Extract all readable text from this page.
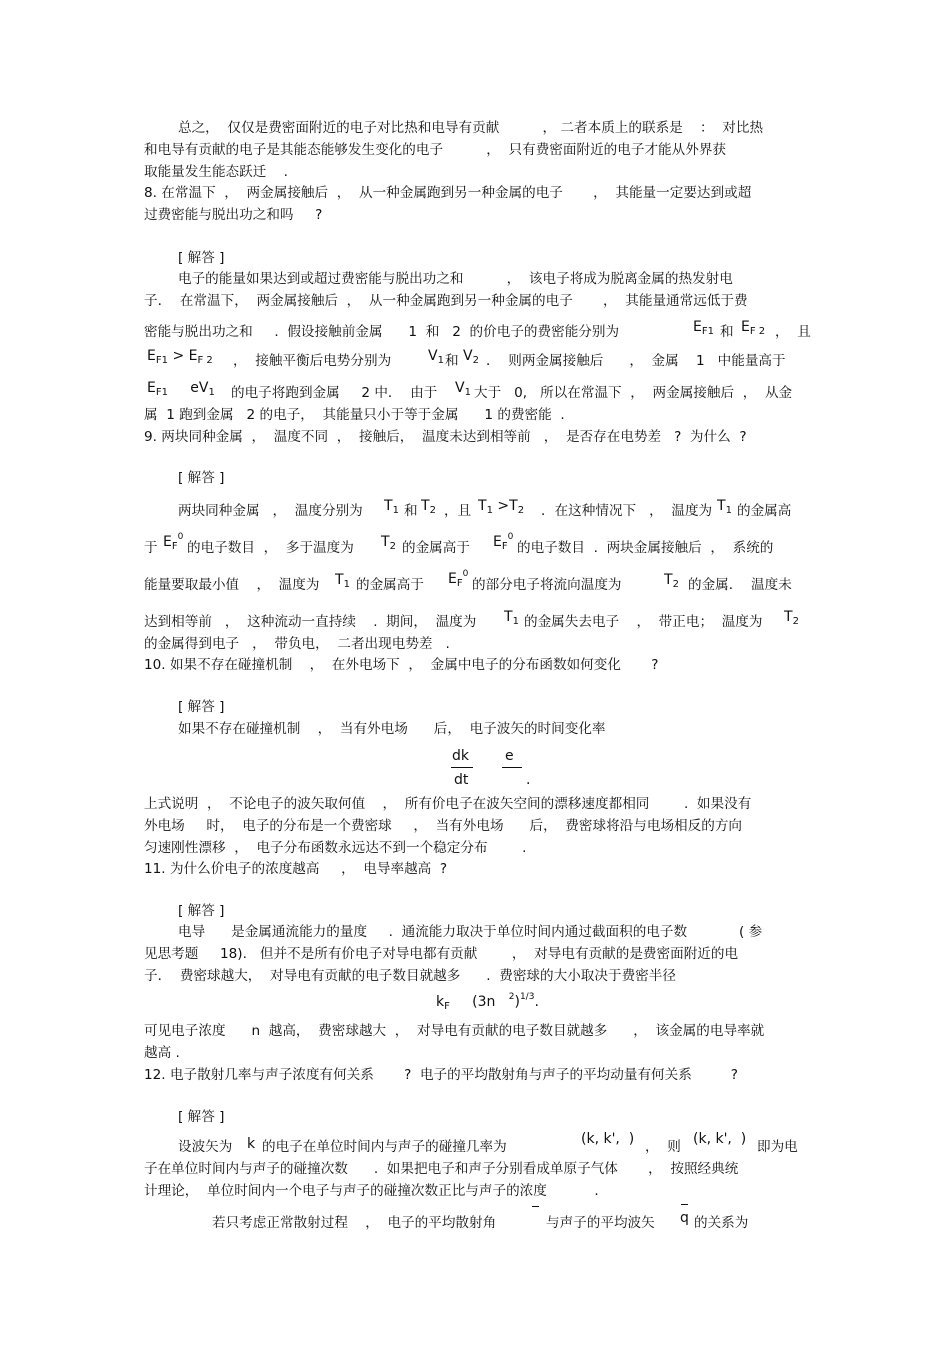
总之，  仅仅是费密面附近的电子对比热和电导有贡献          ， 二者本质上的联系是    ：  对比热
和电导有贡献的电子是其能态能够发生变化的电子          ，  只有费密面附近的电子才能从外界获
取能量发生能态跃迁    .
8. 在常温下  ，  两金属接触后  ，  从一种金属跑到另一种金属的电子       ，  其能量一定要达到或超
过费密能与脱出功之和吗     ?
[ 解答 ]
电子的能量如果达到或超过费密能与脱出功之和          ，  该电子将成为脱离金属的热发射电
子．  在常温下，  两金属接触后  ，  从一种金属跑到另一种金属的电子       ，  其能量通常远低于费
密能与脱出功之和     .  假设接触前金属      1  和   2  的价电子的费密能分别为	$E_{F1}$ 和 $E_{F 2}$ ，  且
$E_{F1} > E_{F 2}$ ，  接触平衡后电势分别为	$V_1$ 和 $V_2$ ．  则两金属接触后      ，  金属    1   中能量高于
$E_{F1}$ $eV_1$ 的电子将跑到金属     2 中．  由于 $V_1$ 大于   0,   所以在常温下  ，  两金属接触后  ，  从金
属  1 跑到金属   2 的电子，  其能量只小于等于金属      1 的费密能  .
9. 两块同种金属  ，  温度不同  ，  接触后，  温度未达到相等前   ，  是否存在电势差   ?  为什么  ?
[ 解答 ]
两块同种金属   ，  温度分别为 $T_1$ 和 $T_2$ ，且 $T_1 >T_2$ ．在这种情况下   ，  温度为 $T_1$ 的金属高
于 $E_F^0$
的电子数目  ，  多于温度为 $T_2$ 的金属高于 $E_F^0$
的电子数目  .  两块金属接触后  ，  系统的
能量要取最小值    ，  温度为 $T_1$ 的金属高于 $E_F^0$
的部分电子将流向温度为	$T_2$ 的金属．  温度未
达到相等前   ，  这种流动一直持续    .  期间，  温度为 $T_1$ 的金属失去电子    ，  带正电；  温度为 $T_2$
的金属得到电子   ，  带负电，  二者出现电势差   .
10. 如果不存在碰撞机制    ，  在外电场下  ，  金属中电子的分布函数如何变化       ?
[ 解答 ]
如果不存在碰撞机制    ，  当有外电场      后，  电子波矢的时间变化率
dk
dt
e
.
上式说明  ，  不论电子的波矢取何值    ，  所有价电子在波矢空间的漂移速度都相同        .  如果没有
外电场     时，  电子的分布是一个费密球     ，  当有外电场      后，  费密球将沿与电场相反的方向
匀速刚性漂移  ，  电子分布函数永远达不到一个稳定分布        .
11. 为什么价电子的浓度越高     ，  电导率越高  ?
[ 解答 ]
电导      是金属通流能力的量度     .  通流能力取决于单位时间内通过截面积的电子数            ( 参
见思考题     18).   但并不是所有价电子对导电都有贡献        ，  对导电有贡献的是费密面附近的电
子．  费密球越大，  对导电有贡献的电子数目就越多      .  费密球的大小取决于费密半径
$k_F$ (3n $^2$)$^{1/3}$.
可见电子浓度      n  越高，  费密球越大  ，  对导电有贡献的电子数目就越多      ，  该金属的电导率就
越高 .
12. 电子散射几率与声子浓度有何关系       ?  电子的平均散射角与声子的平均动量有何关系         ?
[ 解答 ]
设波矢为 k 的电子在单位时间内与声子的碰撞几率为	(k, k',  ) ，  则 (k, k',  ) 即为电
子在单位时间内与声子的碰撞次数      .  如果把电子和声子分别看成单原子气体       ，  按照经典统
计理论，  单位时间内一个电子与声子的碰撞次数正比与声子的浓度           .
若只考虑正常散射过程    ，  电子的平均散射角	与声子的平均波矢 q 的关系为
